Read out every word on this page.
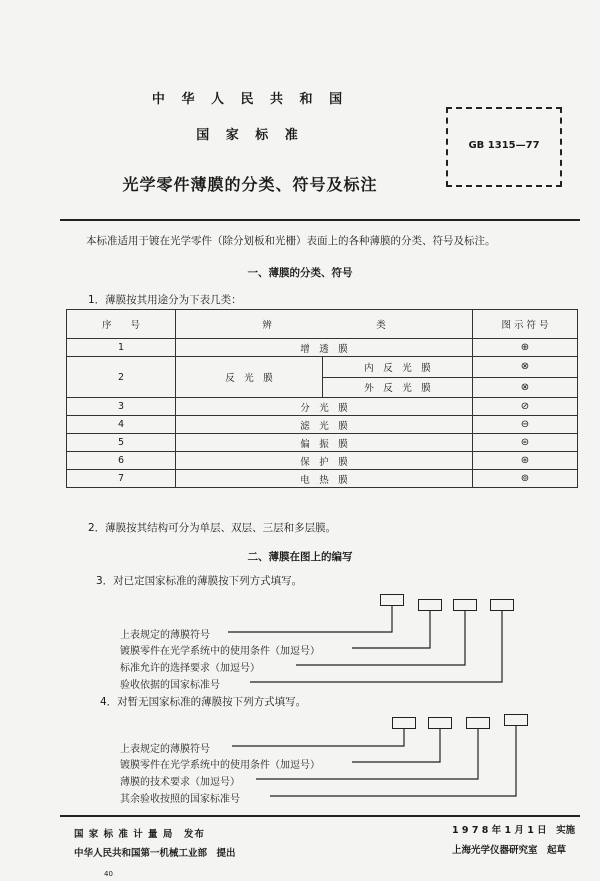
中 华 人 民 共 和 国
国 家 标 准
光学零件薄膜的分类、符号及标注
GB 1315—77
本标准适用于镀在光学零件（除分划板和光栅）表面上的各种薄膜的分类、符号及标注。
一、薄膜的分类、符号
1．薄膜按其用途分为下表几类：
序　　号	辨　　　　　　　　　　　类		图 示 符 号
1	增　透　膜		⊕
2	反　光　膜	内　反　光　膜	⊗
		外　反　光　膜	⊗
3	分　光　膜		⊘
4	滤　光　膜		⊖
5	偏　振　膜		⊜
6	保　护　膜		⊛
7	电　热　膜		⊚
2．薄膜按其结构可分为单层、双层、三层和多层膜。
二、薄膜在图上的编写
3．对已定国家标准的薄膜按下列方式填写。
上表规定的薄膜符号
镀膜零件在光学系统中的使用条件（加逗号）
标准允许的选择要求（加逗号）
验收依据的国家标准号
4．对暂无国家标准的薄膜按下列方式填写。
上表规定的薄膜符号
镀膜零件在光学系统中的使用条件（加逗号）
薄膜的技术要求（加逗号）
其余验收按照的国家标准号
国 家 标 准 计 量 局　发布
中华人民共和国第一机械工业部　提出
1 9 7 8 年 1 月 1 日　实施
上海光学仪器研究室　起草
40
